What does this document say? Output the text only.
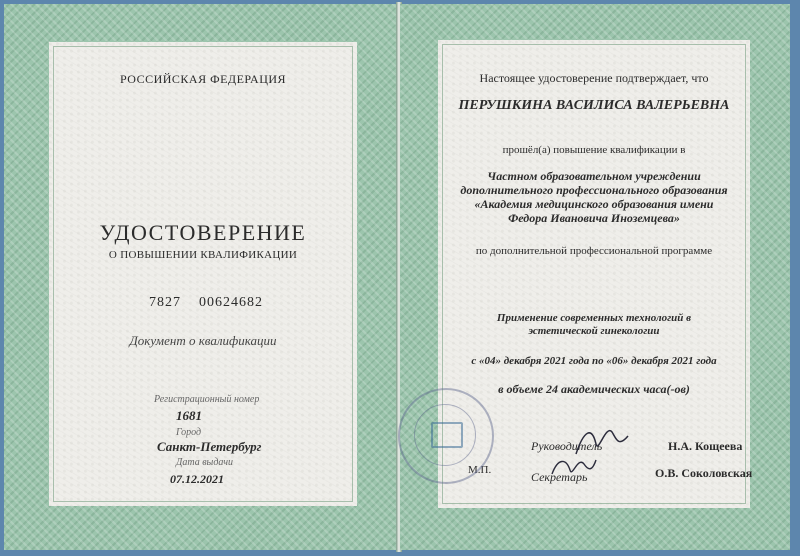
РОССИЙСКАЯ ФЕДЕРАЦИЯ
УДОСТОВЕРЕНИЕ
О ПОВЫШЕНИИ КВАЛИФИКАЦИИ
7827 00624682
Документ о квалификации
Регистрационный номер
1681
Город
Санкт-Петербург
Дата выдачи
07.12.2021
Настоящее удостоверение подтверждает, что
ПЕРУШКИНА ВАСИЛИСА ВАЛЕРЬЕВНА
прошёл(а) повышение квалификации в
Частном образовательном учреждении
дополнительного профессионального образования
«Академия медицинского образования имени
Федора Ивановича Иноземцева»
по дополнительной профессиональной программе
Применение современных технологий в
эстетической гинекологии
с «04» декабря 2021 года по «06» декабря 2021 года
в объеме 24 академических часа(-ов)
Руководитель	Н.А. Кощеева
М.П.	Секретарь	О.В. Соколовская
